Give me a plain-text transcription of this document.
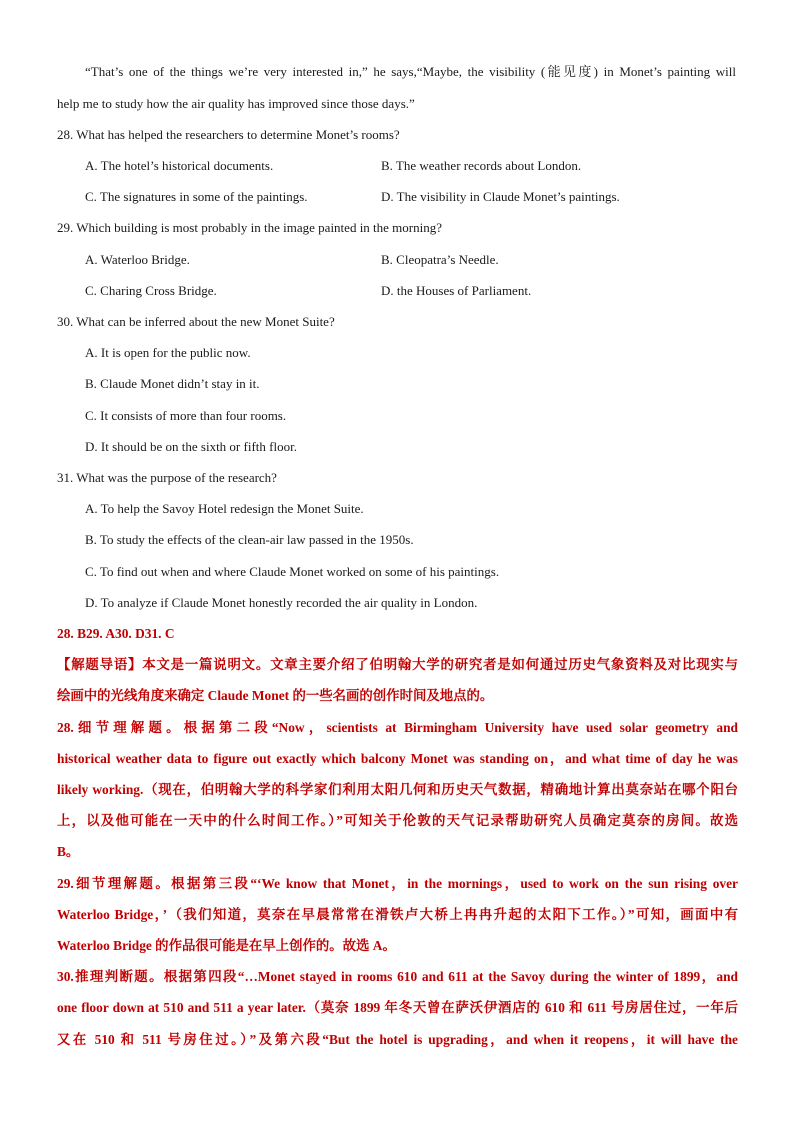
“That’s one of the things we’re very interested in,” he says,“Maybe, the visibility (能见度) in Monet’s painting will
help me to study how the air quality has improved since those days.”
28. What has helped the researchers to determine Monet’s rooms?
A. The hotel’s historical documents.	B. The weather records about London.
C. The signatures in some of the paintings.	D. The visibility in Claude Monet’s paintings.
29. Which building is most probably in the image painted in the morning?
A. Waterloo Bridge.	B. Cleopatra’s Needle.
C. Charing Cross Bridge.	D. the Houses of Parliament.
30. What can be inferred about the new Monet Suite?
A. It is open for the public now.
B. Claude Monet didn’t stay in it.
C. It consists of more than four rooms.
D. It should be on the sixth or fifth floor.
31. What was the purpose of the research?
A. To help the Savoy Hotel redesign the Monet Suite.
B. To study the effects of the clean-air law passed in the 1950s.
C. To find out when and where Claude Monet worked on some of his paintings.
D. To analyze if Claude Monet honestly recorded the air quality in London.
28. B29. A30. D31. C
【解题导语】本文是一篇说明文。文章主要介绍了伯明翰大学的研究者是如何通过历史气象资料及对比现实与
绘画中的光线角度来确定 Claude Monet 的一些名画的创作时间及地点的。
28.细节理解题。根据第二段“Now，scientists at Birmingham University have used solar geometry and
historical weather data to figure out exactly which balcony Monet was standing on，and what time of day he was
likely working.（现在，伯明翰大学的科学家们利用太阳几何和历史天气数据，精确地计算出莫奈站在哪个阳台
上，以及他可能在一天中的什么时间工作。）”可知关于伦敦的天气记录帮助研究人员确定莫奈的房间。故选
B。
29.细节理解题。根据第三段“‘We know that Monet，in the mornings，used to work on the sun rising over
Waterloo Bridge，’（我们知道，莫奈在早晨常常在滑铁卢大桥上冉冉升起的太阳下工作。）”可知，画面中有
Waterloo Bridge 的作品很可能是在早上创作的。故选 A。
30.推理判断题。根据第四段“…Monet stayed in rooms 610 and 611 at the Savoy during the winter of 1899，and
one floor down at 510 and 511 a year later.（莫奈 1899 年冬天曾在萨沃伊酒店的 610 和 611 号房居住过，一年后
又在 510 和 511 号房住过。）”及第六段“But the hotel is upgrading，and when it reopens，it will have the
